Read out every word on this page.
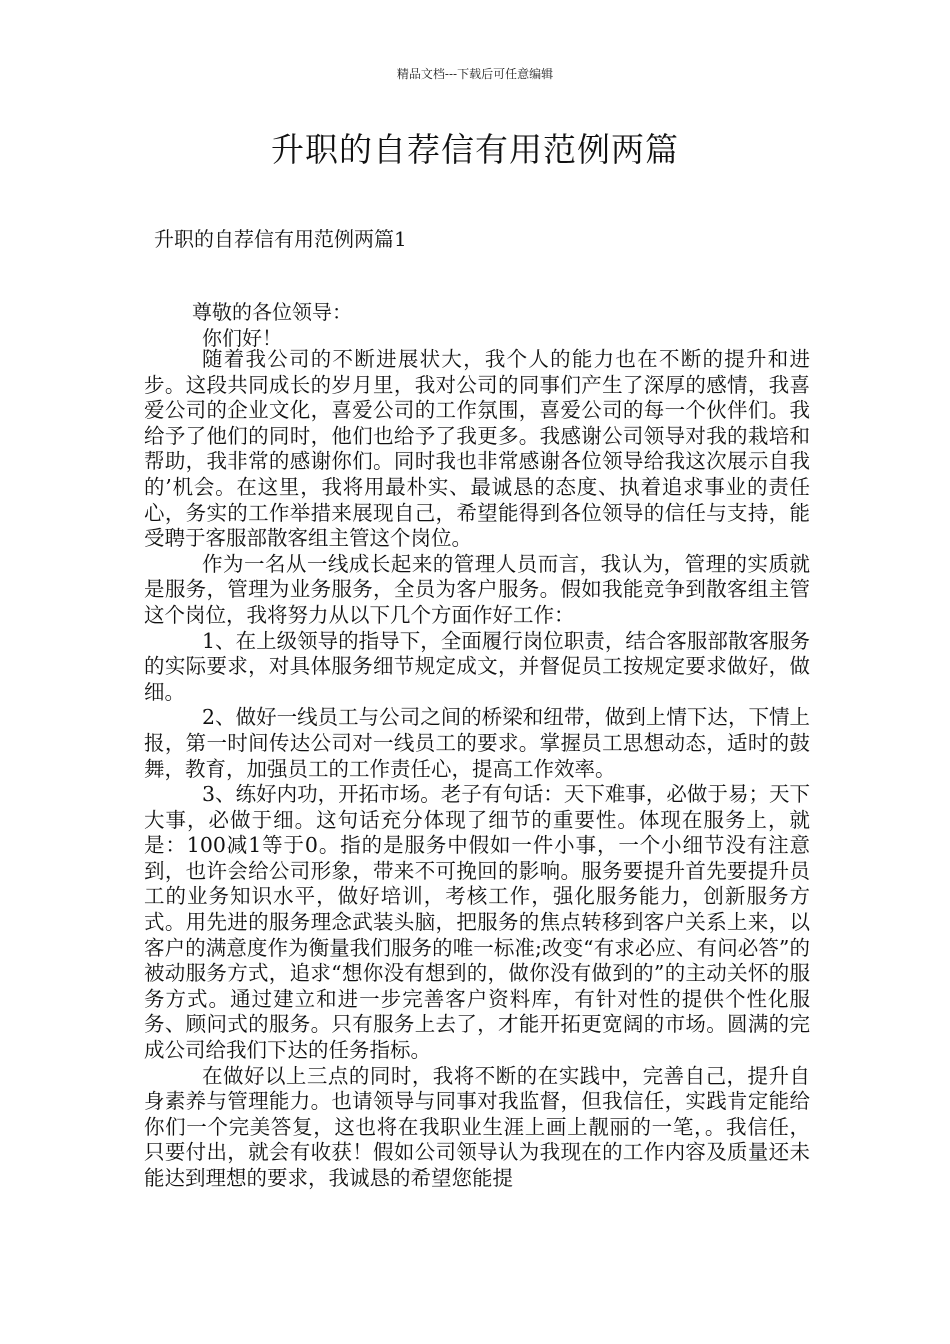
精品文档---下载后可任意编辑
升职的自荐信有用范例两篇
升职的自荐信有用范例两篇1

尊敬的各位领导：

你们好！

随着我公司的不断进展状大，我个人的能力也在不断的提升和进步。这段共同成长的岁月里，我对公司的同事们产生了深厚的感情，我喜爱公司的企业文化，喜爱公司的工作氛围，喜爱公司的每一个伙伴们。我给予了他们的同时，他们也给予了我更多。我感谢公司领导对我的栽培和帮助，我非常的感谢你们。同时我也非常感谢各位领导给我这次展示自我的’机会。在这里，我将用最朴实、最诚恳的态度、执着追求事业的责任心，务实的工作举措来展现自己，希望能得到各位领导的信任与支持，能受聘于客服部散客组主管这个岗位。

作为一名从一线成长起来的管理人员而言，我认为，管理的实质就是服务，管理为业务服务，全员为客户服务。假如我能竞争到散客组主管这个岗位，我将努力从以下几个方面作好工作：

1、在上级领导的指导下，全面履行岗位职责，结合客服部散客服务的实际要求，对具体服务细节规定成文，并督促员工按规定要求做好，做细。

2、做好一线员工与公司之间的桥梁和纽带，做到上情下达，下情上报，第一时间传达公司对一线员工的要求。掌握员工思想动态，适时的鼓舞，教育，加强员工的工作责任心，提高工作效率。

3、练好内功，开拓市场。老子有句话：天下难事，必做于易；天下大事，必做于细。这句话充分体现了细节的重要性。体现在服务上，就是：100减1等于0。指的是服务中假如一件小事，一个小细节没有注意到，也许会给公司形象，带来不可挽回的影响。服务要提升首先要提升员工的业务知识水平，做好培训，考核工作，强化服务能力，创新服务方式。用先进的服务理念武装头脑，把服务的焦点转移到客户关系上来，以客户的满意度作为衡量我们服务的唯一标准;改变“有求必应、有问必答”的被动服务方式，追求“想你没有想到的，做你没有做到的”的主动关怀的服务方式。通过建立和进一步完善客户资料库，有针对性的提供个性化服务、顾问式的服务。只有服务上去了，才能开拓更宽阔的市场。圆满的完成公司给我们下达的任务指标。

在做好以上三点的同时，我将不断的在实践中，完善自己，提升自身素养与管理能力。也请领导与同事对我监督，但我信任，实践肯定能给你们一个完美答复，这也将在我职业生涯上画上靓丽的一笔，。我信任，只要付出，就会有收获！假如公司领导认为我现在的工作内容及质量还未能达到理想的要求，我诚恳的希望您能提
